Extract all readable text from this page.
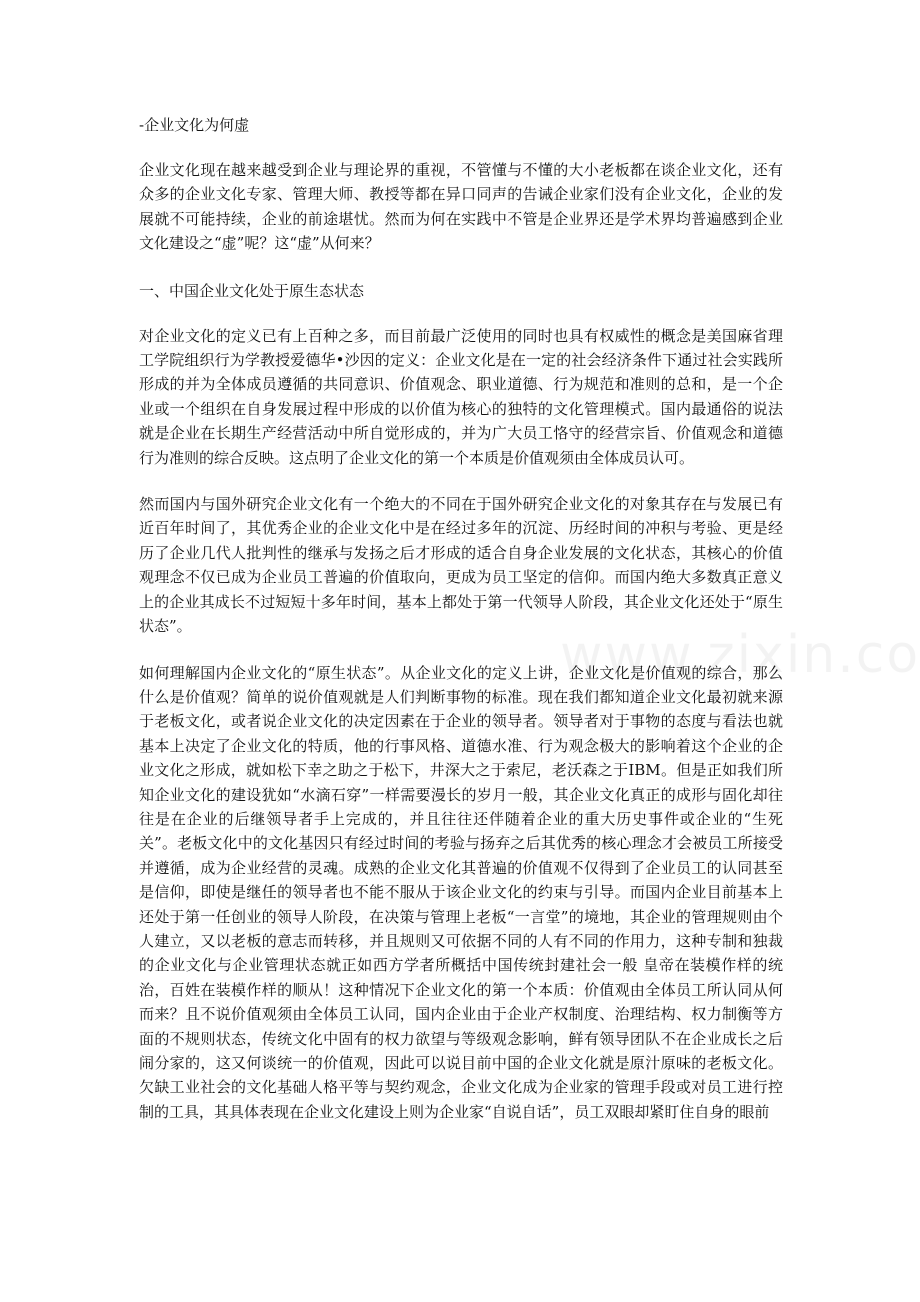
-企业文化为何虚

企业文化现在越来越受到企业与理论界的重视，不管懂与不懂的大小老板都在谈企业文化，还有众多的企业文化专家、管理大师、教授等都在异口同声的告诫企业家们没有企业文化，企业的发展就不可能持续，企业的前途堪忧。然而为何在实践中不管是企业界还是学术界均普遍感到企业文化建设之“虚”呢？这“虚”从何来？

一、中国企业文化处于原生态状态

对企业文化的定义已有上百种之多，而目前最广泛使用的同时也具有权威性的概念是美国麻省理工学院组织行为学教授爱德华•沙因的定义：企业文化是在一定的社会经济条件下通过社会实践所形成的并为全体成员遵循的共同意识、价值观念、职业道德、行为规范和准则的总和，是一个企业或一个组织在自身发展过程中形成的以价值为核心的独特的文化管理模式。国内最通俗的说法就是企业在长期生产经营活动中所自觉形成的，并为广大员工恪守的经营宗旨、价值观念和道德行为准则的综合反映。这点明了企业文化的第一个本质是价值观须由全体成员认可。

然而国内与国外研究企业文化有一个绝大的不同在于国外研究企业文化的对象其存在与发展已有近百年时间了，其优秀企业的企业文化中是在经过多年的沉淀、历经时间的冲积与考验、更是经历了企业几代人批判性的继承与发扬之后才形成的适合自身企业发展的文化状态，其核心的价值观理念不仅已成为企业员工普遍的价值取向，更成为员工坚定的信仰。而国内绝大多数真正意义上的企业其成长不过短短十多年时间，基本上都处于第一代领导人阶段，其企业文化还处于“原生状态”。

如何理解国内企业文化的“原生状态”。从企业文化的定义上讲，企业文化是价值观的综合，那么什么是价值观？简单的说价值观就是人们判断事物的标准。现在我们都知道企业文化最初就来源于老板文化，或者说企业文化的决定因素在于企业的领导者。领导者对于事物的态度与看法也就基本上决定了企业文化的特质，他的行事风格、道德水准、行为观念极大的影响着这个企业的企业文化之形成，就如松下幸之助之于松下，井深大之于索尼，老沃森之于IBM。但是正如我们所知企业文化的建设犹如“水滴石穿”一样需要漫长的岁月一般，其企业文化真正的成形与固化却往往是在企业的后继领导者手上完成的，并且往往还伴随着企业的重大历史事件或企业的“生死关”。老板文化中的文化基因只有经过时间的考验与扬弃之后其优秀的核心理念才会被员工所接受并遵循，成为企业经营的灵魂。成熟的企业文化其普遍的价值观不仅得到了企业员工的认同甚至是信仰，即使是继任的领导者也不能不服从于该企业文化的约束与引导。而国内企业目前基本上还处于第一任创业的领导人阶段，在决策与管理上老板“一言堂”的境地，其企业的管理规则由个人建立，又以老板的意志而转移，并且规则又可依据不同的人有不同的作用力，这种专制和独裁的企业文化与企业管理状态就正如西方学者所概括中国传统封建社会一般 皇帝在装模作样的统治，百姓在装模作样的顺从！这种情况下企业文化的第一个本质：价值观由全体员工所认同从何而来？且不说价值观须由全体员工认同，国内企业由于企业产权制度、治理结构、权力制衡等方面的不规则状态，传统文化中固有的权力欲望与等级观念影响，鲜有领导团队不在企业成长之后闹分家的，这又何谈统一的价值观，因此可以说目前中国的企业文化就是原汁原味的老板文化。欠缺工业社会的文化基础人格平等与契约观念，企业文化成为企业家的管理手段或对员工进行控制的工具，其具体表现在企业文化建设上则为企业家“自说自话”，员工双眼却紧盯住自身的眼前
